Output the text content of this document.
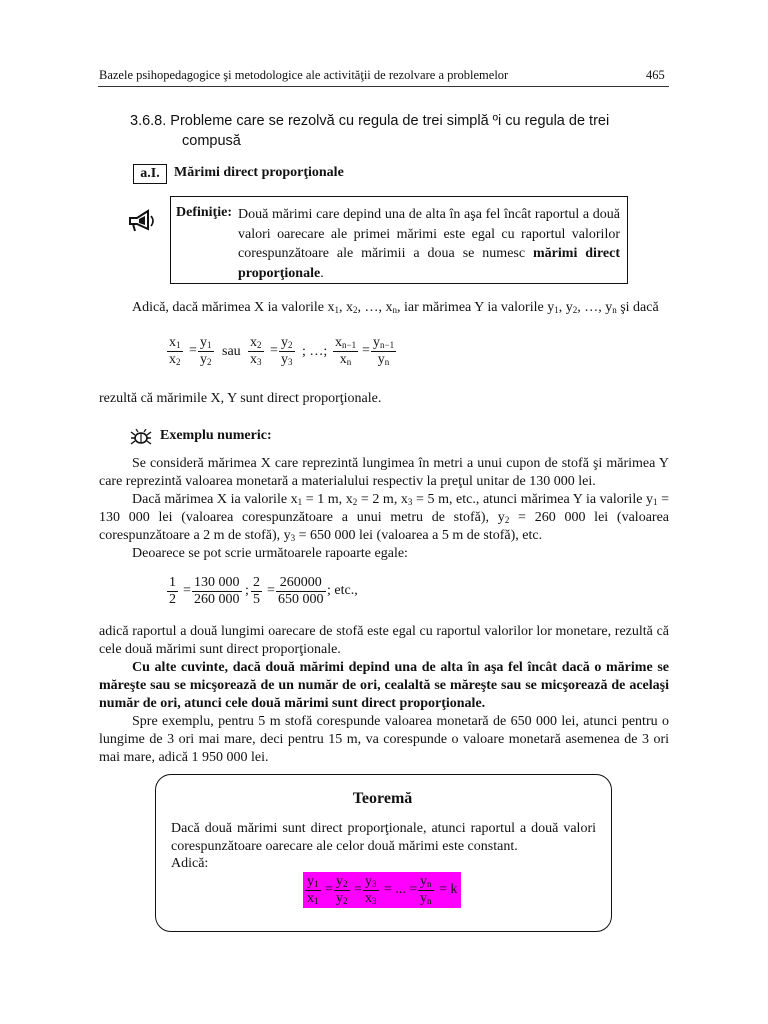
Bazele psihopedagogice şi metodologice ale activităţii de rezolvare a problemelor	465
3.6.8. Probleme care se rezolvă cu regula de trei simplă ºi cu regula de trei
compusă
a.I.	Mărimi direct proporţionale
Definiţie: Două mărimi care depind una de alta în aşa fel încât raportul a două valori oarecare ale primei mărimi este egal cu raportul valorilor corespunzătoare ale mărimii a doua se numesc mărimi direct proporţionale.
Adică, dacă mărimea X ia valorile $x_1$, $x_2$, …, $x_n$, iar mărimea Y ia valorile $y_1$, $y_2$, …, $y_n$ şi dacă
$\frac{x_1}{x_2} = \frac{y_1}{y_2}$ sau $\frac{x_2}{x_3} = \frac{y_2}{y_3}$ ; …; $\frac{x_{n-1}}{x_n} = \frac{y_{n-1}}{y_n}$
rezultă că mărimile X, Y sunt direct proporţionale.
Exemplu numeric:
Se consideră mărimea X care reprezintă lungimea în metri a unui cupon de stofă şi mărimea Y care reprezintă valoarea monetară a materialului respectiv la preţul unitar de 130 000 lei.
Dacă mărimea X ia valorile $x_1 = 1$ m, $x_2 = 2$ m, $x_3 = 5$ m, etc., atunci mărimea Y ia valorile $y_1 = 130$ 000 lei (valoarea corespunzătoare a unui metru de stofă), $y_2 = 260$ 000 lei (valoarea corespunzătoare a 2 m de stofă), $y_3 = 650$ 000 lei (valoarea a 5 m de stofă), etc.
Deoarece se pot scrie următoarele rapoarte egale:
$\frac{1}{2} = \frac{130 000}{260 000}$ ; $\frac{2}{5} = \frac{260000}{650 000}$ ; etc.,
adică raportul a două lungimi oarecare de stofă este egal cu raportul valorilor lor monetare, rezultă că cele două mărimi sunt direct proporţionale.
Cu alte cuvinte, dacă două mărimi depind una de alta în aşa fel încât dacă o mărime se măreşte sau se micşorează de un număr de ori, cealaltă se măreşte sau se micşorează de acelaşi număr de ori, atunci cele două mărimi sunt direct proporţionale.
Spre exemplu, pentru 5 m stofă corespunde valoarea monetară de 650 000 lei, atunci pentru o lungime de 3 ori mai mare, deci pentru 15 m, va corespunde o valoare monetară asemenea de 3 ori mai mare, adică 1 950 000 lei.
Teoremă
Dacă două mărimi sunt direct proporţionale, atunci raportul a două valori corespunzătoare oarecare ale celor două mărimi este constant.
Adică:
$\frac{y_1}{x_1} = \frac{y_2}{y_2} = \frac{y_3}{x_3}$ = ... = $\frac{y_n}{y_n} = k$
